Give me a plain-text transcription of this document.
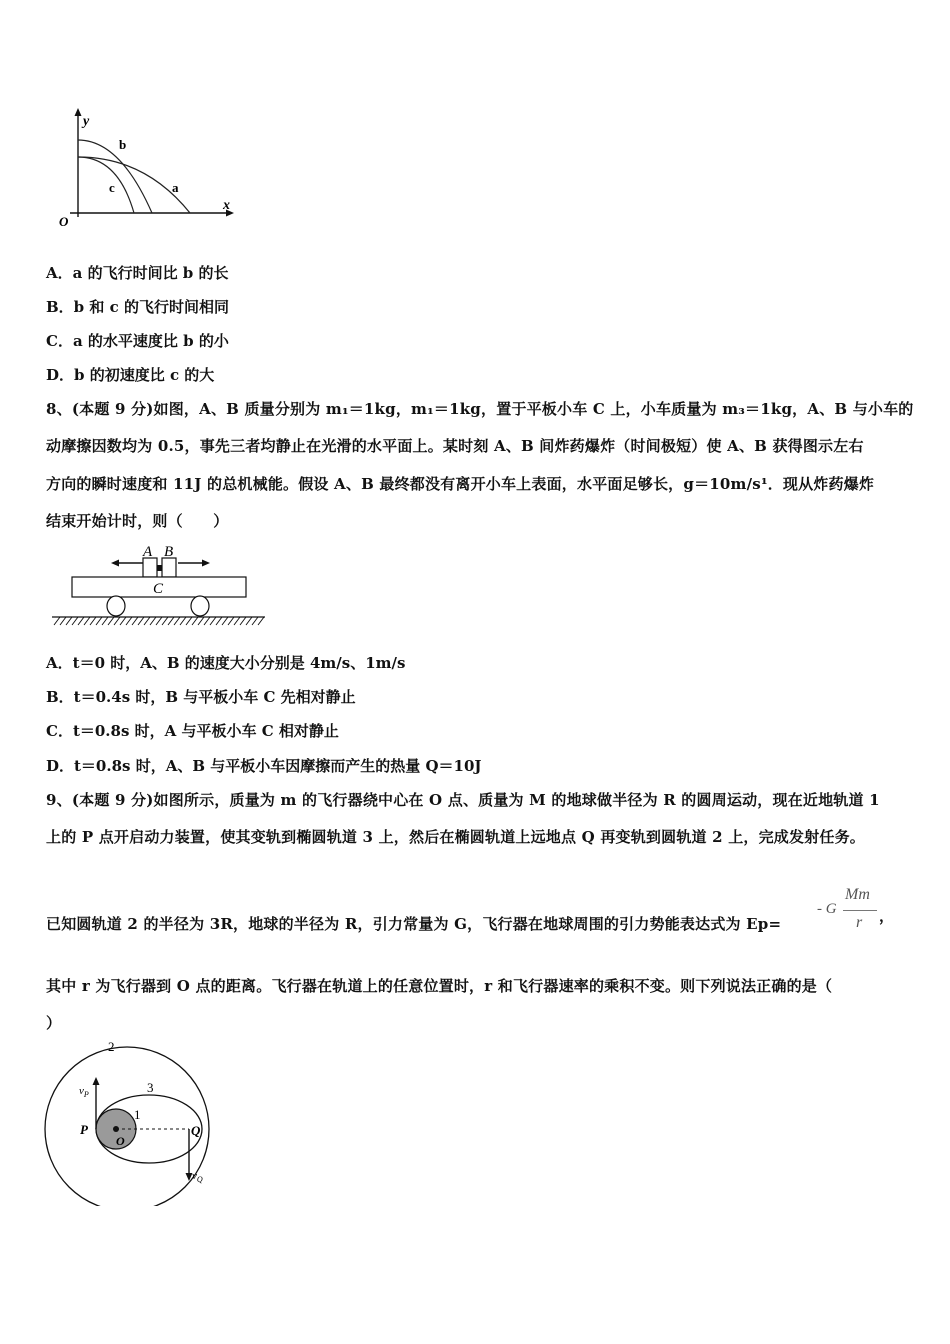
y
x
O
b
c	a
A．a 的飞行时间比 b 的长
B．b 和 c 的飞行时间相同
C．a 的水平速度比 b 的小
D．b 的初速度比 c 的大
8、(本题 9 分)如图，A、B 质量分别为 m₁＝1kg，m₁＝1kg，置于平板小车 C 上，小车质量为 m₃＝1kg，A、B 与小车的
动摩擦因数均为 0.5，事先三者均静止在光滑的水平面上。某时刻 A、B 间炸药爆炸（时间极短）使 A、B 获得图示左右
方向的瞬时速度和 11J 的总机械能。假设 A、B 最终都没有离开小车上表面，水平面足够长，g＝10m/s¹．现从炸药爆炸
结束开始计时，则（　　）
A B
C
A．t＝0 时，A、B 的速度大小分别是 4m/s、1m/s
B．t＝0.4s 时，B 与平板小车 C 先相对静止
C．t＝0.8s 时，A 与平板小车 C 相对静止
D．t＝0.8s 时，A、B 与平板小车因摩擦而产生的热量 Q＝10J
9、(本题 9 分)如图所示，质量为 m 的飞行器绕中心在 O 点、质量为 M 的地球做半径为 R 的圆周运动，现在近地轨道 1
上的 P 点开启动力装置，使其变轨到椭圆轨道 3 上，然后在椭圆轨道上远地点 Q 再变轨到圆轨道 2 上，完成发射任务。
已知圆轨道 2 的半径为 3R，地球的半径为 R，引力常量为 G，飞行器在地球周围的引力势能表达式为 Ep=
- G
Mm
r ，
其中 r 为飞行器到 O 点的距离。飞行器在轨道上的任意位置时，r 和飞行器速率的乘积不变。则下列说法正确的是（
）
2
3
1
P
O
Q
$v_P$
$v_Q$
